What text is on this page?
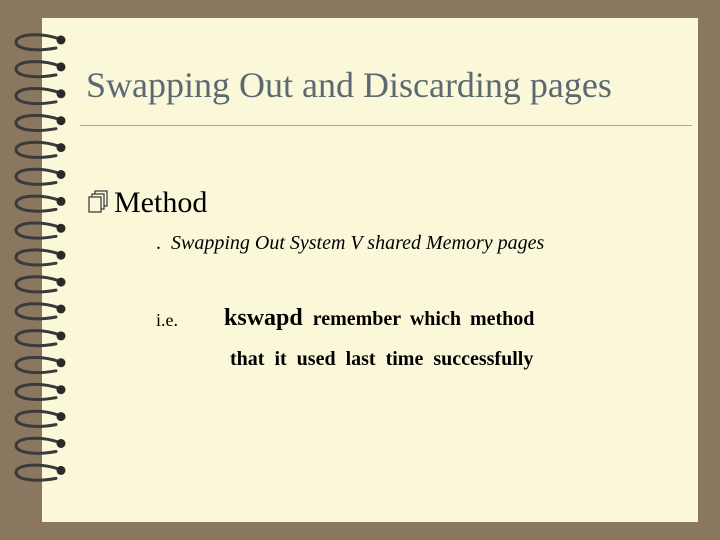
Swapping Out and Discarding pages
Method
. Swapping Out System V shared Memory pages
i.e. kswapd remember which method
that it used last time successfully
